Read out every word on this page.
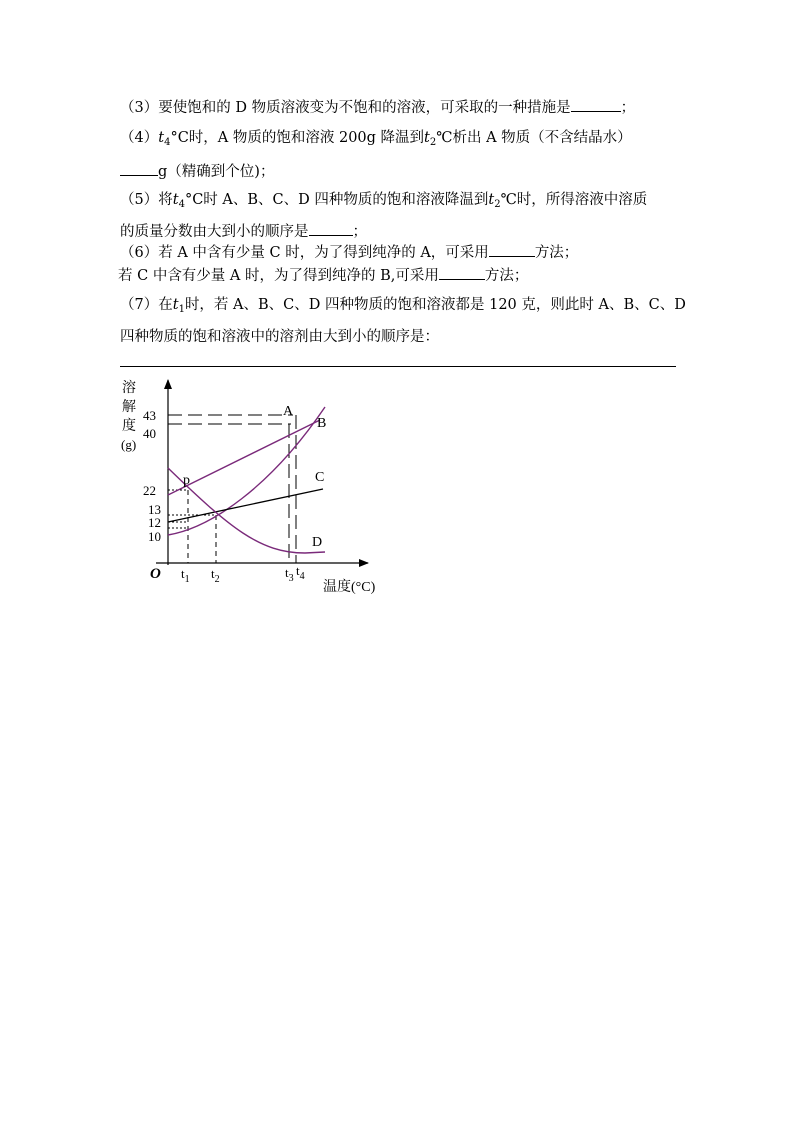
（3）要使饱和的 D 物质溶液变为不饱和的溶液，可采取的一种措施是	；
$(4)t_4^\circ C$时，A 物质的饱和溶液 200g 降温到$t_2℃$析出 A 物质（不含结晶水）
g（精确到个位)；
（5）将$t_4^\circ C$时 A、B、C、D 四种物质的饱和溶液降温到$t_2℃$时，所得溶液中溶质
的质量分数由大到小的顺序是	；
（6）若 A 中含有少量 C 时，为了得到纯净的 A，可采用	方法；
若 C 中含有少量 A 时，为了得到纯净的 B,可采用	方法；
（7）在$t_1$时，若 A、B、C、D 四种物质的饱和溶液都是 120 克，则此时 A、B、C、D
四种物质的饱和溶液中的溶剂由大到小的顺序是：
溶
解
度
(g)
43
40
22
13
12
10
$t_1$ $t_2$	$t_3$
$t_4$
O
温度(°C)
A
B
C
D
p
